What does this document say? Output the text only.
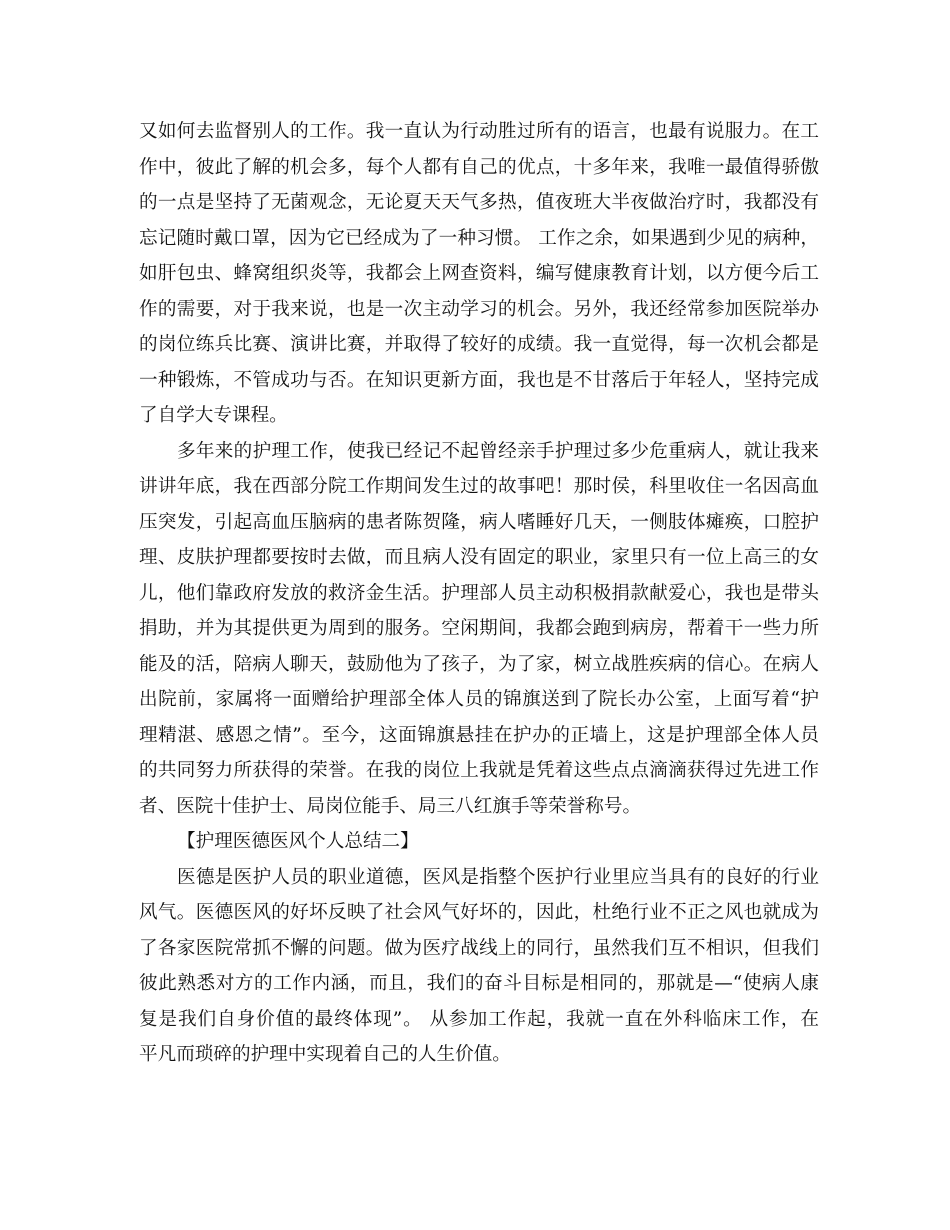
又如何去监督别人的工作。我一直认为行动胜过所有的语言，也最有说服力。在工
作中，彼此了解的机会多，每个人都有自己的优点，十多年来，我唯一最值得骄傲
的一点是坚持了无菌观念，无论夏天天气多热，值夜班大半夜做治疗时，我都没有
忘记随时戴口罩，因为它已经成为了一种习惯。 工作之余，如果遇到少见的病种，
如肝包虫、蜂窝组织炎等，我都会上网查资料，编写健康教育计划，以方便今后工
作的需要，对于我来说，也是一次主动学习的机会。另外，我还经常参加医院举办
的岗位练兵比赛、演讲比赛，并取得了较好的成绩。我一直觉得，每一次机会都是
一种锻炼，不管成功与否。在知识更新方面，我也是不甘落后于年轻人，坚持完成
了自学大专课程。
多年来的护理工作，使我已经记不起曾经亲手护理过多少危重病人，就让我来
讲讲年底，我在西部分院工作期间发生过的故事吧！那时侯，科里收住一名因高血
压突发，引起高血压脑病的患者陈贺隆，病人嗜睡好几天，一侧肢体瘫痪，口腔护
理、皮肤护理都要按时去做，而且病人没有固定的职业，家里只有一位上高三的女
儿，他们靠政府发放的救济金生活。护理部人员主动积极捐款献爱心，我也是带头
捐助，并为其提供更为周到的服务。空闲期间，我都会跑到病房，帮着干一些力所
能及的活，陪病人聊天，鼓励他为了孩子，为了家，树立战胜疾病的信心。在病人
出院前，家属将一面赠给护理部全体人员的锦旗送到了院长办公室，上面写着“护
理精湛、感恩之情”。至今，这面锦旗悬挂在护办的正墙上，这是护理部全体人员
的共同努力所获得的荣誉。在我的岗位上我就是凭着这些点点滴滴获得过先进工作
者、医院十佳护士、局岗位能手、局三八红旗手等荣誉称号。
【护理医德医风个人总结二】
医德是医护人员的职业道德，医风是指整个医护行业里应当具有的良好的行业
风气。医德医风的好坏反映了社会风气好坏的，因此，杜绝行业不正之风也就成为
了各家医院常抓不懈的问题。做为医疗战线上的同行，虽然我们互不相识，但我们
彼此熟悉对方的工作内涵，而且，我们的奋斗目标是相同的，那就是—“使病人康
复是我们自身价值的最终体现”。 从参加工作起，我就一直在外科临床工作，在
平凡而琐碎的护理中实现着自己的人生价值。
